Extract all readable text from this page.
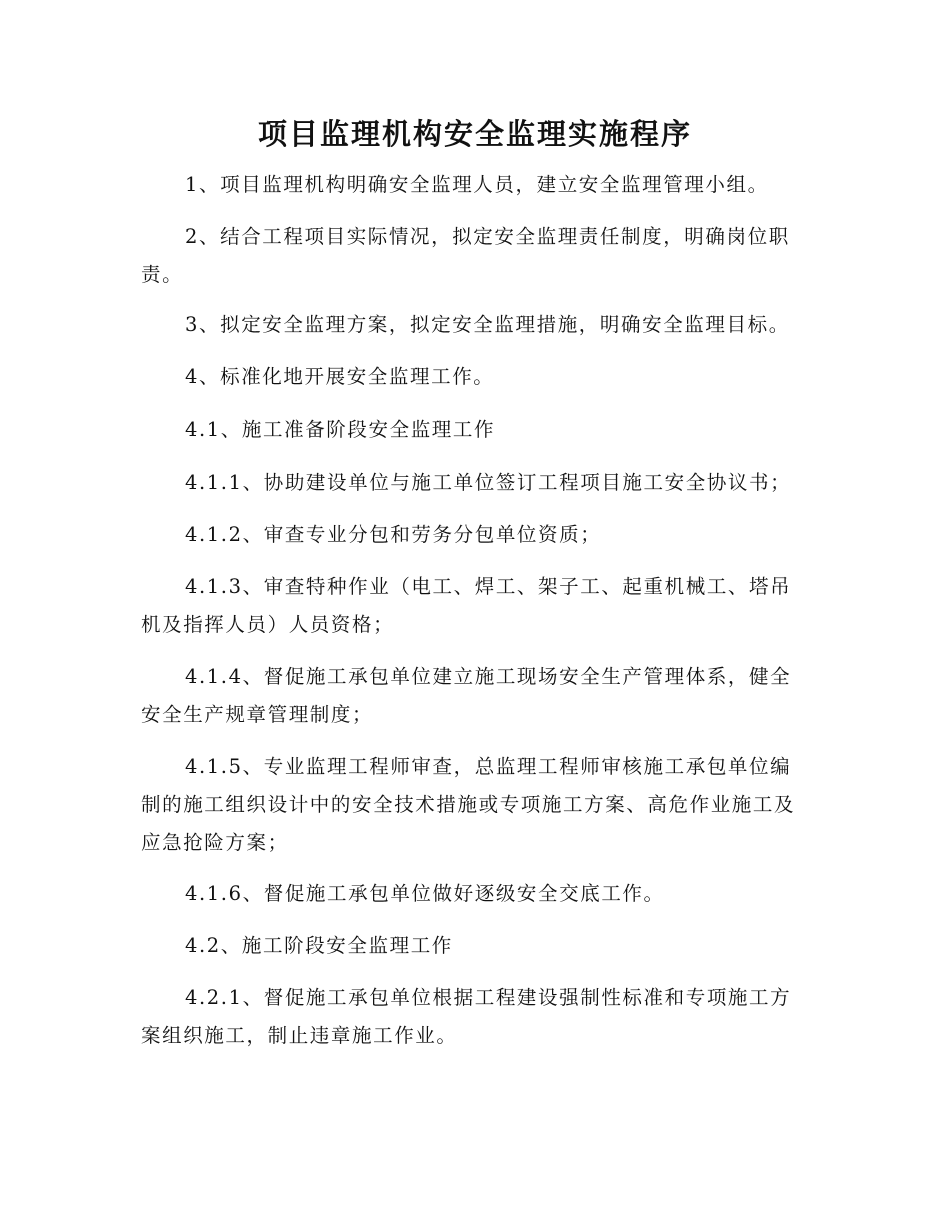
项目监理机构安全监理实施程序

1、项目监理机构明确安全监理人员，建立安全监理管理小组。

2、结合工程项目实际情况，拟定安全监理责任制度，明确岗位职责。

3、拟定安全监理方案，拟定安全监理措施，明确安全监理目标。

4、标准化地开展安全监理工作。

4.1、施工准备阶段安全监理工作

4.1.1、协助建设单位与施工单位签订工程项目施工安全协议书；

4.1.2、审查专业分包和劳务分包单位资质；

4.1.3、审查特种作业（电工、焊工、架子工、起重机械工、塔吊机及指挥人员）人员资格；

4.1.4、督促施工承包单位建立施工现场安全生产管理体系，健全安全生产规章管理制度；

4.1.5、专业监理工程师审查，总监理工程师审核施工承包单位编制的施工组织设计中的安全技术措施或专项施工方案、高危作业施工及应急抢险方案；

4.1.6、督促施工承包单位做好逐级安全交底工作。

4.2、施工阶段安全监理工作

4.2.1、督促施工承包单位根据工程建设强制性标准和专项施工方案组织施工，制止违章施工作业。
